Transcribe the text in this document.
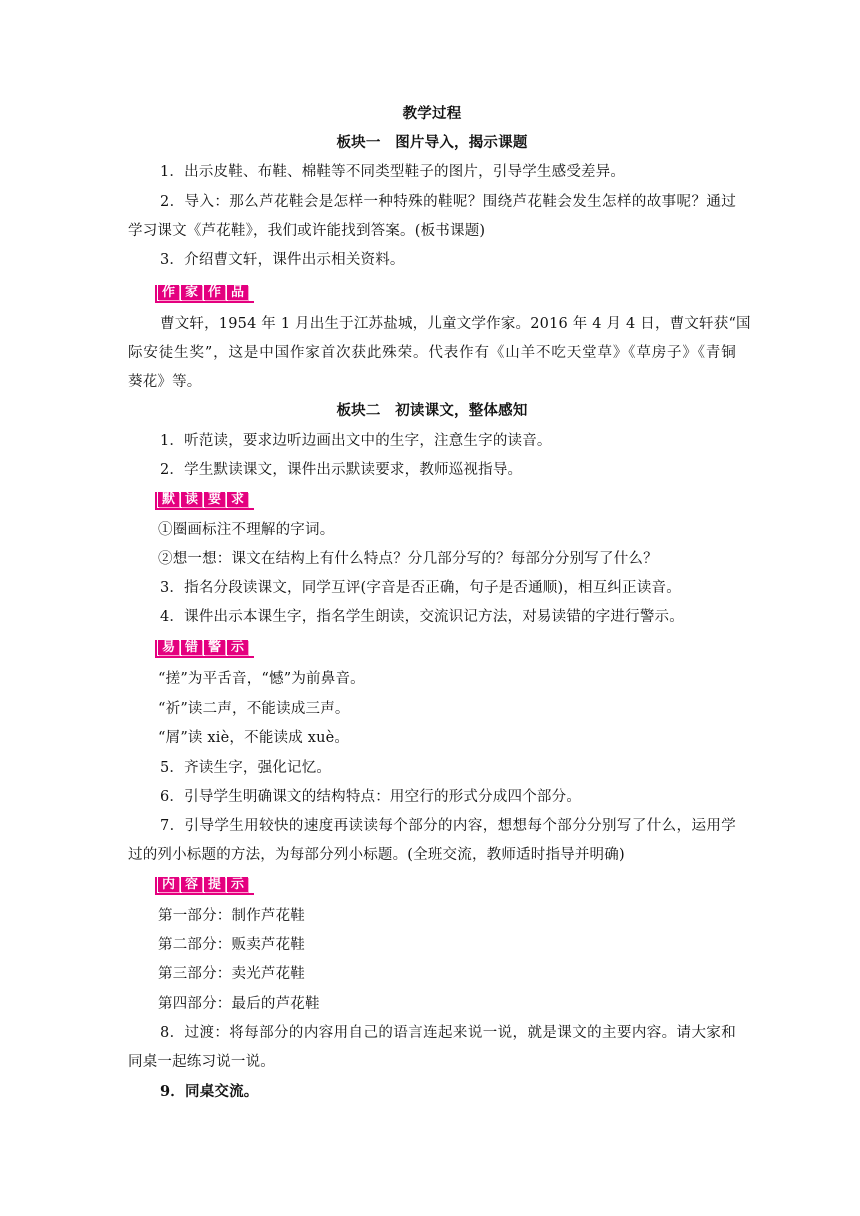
教学过程
板块一　图片导入，揭示课题
1．出示皮鞋、布鞋、棉鞋等不同类型鞋子的图片，引导学生感受差异。
2．导入：那么芦花鞋会是怎样一种特殊的鞋呢？围绕芦花鞋会发生怎样的故事呢？通过
学习课文《芦花鞋》，我们或许能找到答案。(板书课题)
3．介绍曹文轩，课件出示相关资料。
作 家 作 品
曹文轩，1954 年 1 月出生于江苏盐城，儿童文学作家。2016 年 4 月 4 日，曹文轩获“国
际安徒生奖”，这是中国作家首次获此殊荣。代表作有《山羊不吃天堂草》《草房子》《青铜
葵花》等。
板块二　初读课文，整体感知
1．听范读，要求边听边画出文中的生字，注意生字的读音。
2．学生默读课文，课件出示默读要求，教师巡视指导。
默 读 要 求
①圈画标注不理解的字词。
②想一想：课文在结构上有什么特点？分几部分写的？每部分分别写了什么？
3．指名分段读课文，同学互评(字音是否正确，句子是否通顺)，相互纠正读音。
4．课件出示本课生字，指名学生朗读，交流识记方法，对易读错的字进行警示。
易 错 警 示
“搓”为平舌音，“憾”为前鼻音。
“祈”读二声，不能读成三声。
“屑”读 xiè，不能读成 xuè。
5．齐读生字，强化记忆。
6．引导学生明确课文的结构特点：用空行的形式分成四个部分。
7．引导学生用较快的速度再读读每个部分的内容，想想每个部分分别写了什么，运用学
过的列小标题的方法，为每部分列小标题。(全班交流，教师适时指导并明确)
内 容 提 示
第一部分：制作芦花鞋
第二部分：贩卖芦花鞋
第三部分：卖光芦花鞋
第四部分：最后的芦花鞋
8．过渡：将每部分的内容用自己的语言连起来说一说，就是课文的主要内容。请大家和
同桌一起练习说一说。
9．同桌交流。
